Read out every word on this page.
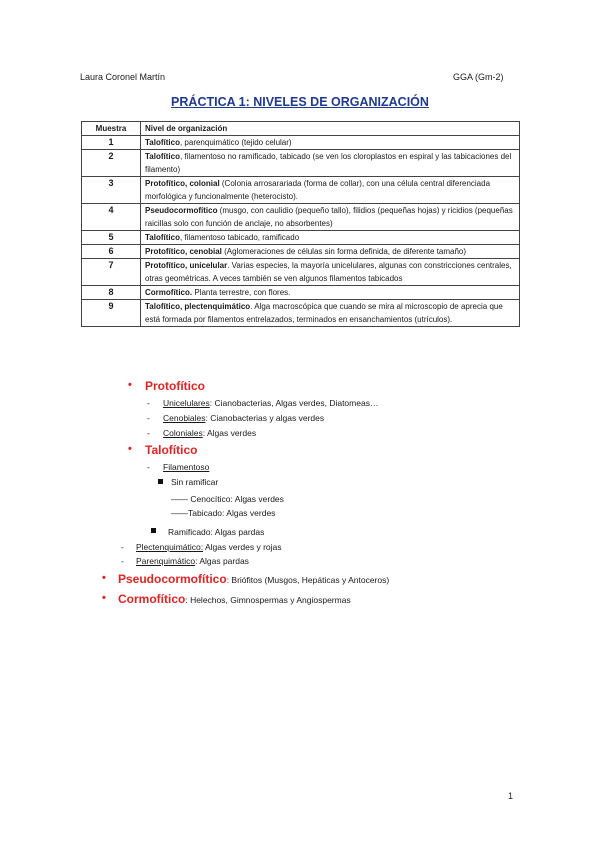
Laura Coronel Martín	GGA (Gm-2)
PRÁCTICA 1: NIVELES DE ORGANIZACIÓN
Muestra	Nivel de organización
1	Talofítico, parenquimático (tejido celular)
2	Talofítico, filamentoso no ramificado, tabicado (se ven los cloroplastos en espiral y las tabicaciones del filamento)
3	Protofítico, colonial (Colonia arrosarariada (forma de collar), con una célula central diferenciada morfológica y funcionalmente (heterocisto).
4	Pseudocormofítico (musgo, con caulidio (pequeño tallo), filidios (pequeñas hojas) y ricidios (pequeñas raicillas solo con función de anclaje, no absorbentes)
5	Talofítico, filamentoso tabicado, ramificado
6	Protofítico, cenobial (Aglomeraciones de células sin forma definida, de diferente tamaño)
7	Protofítico, unicelular. Varias especies, la mayoría unicelulares, algunas con constricciones centrales, otras geométricas. A veces también se ven algunos filamentos tabicados
8	Cormofítico. Planta terrestre, con flores.
9	Talofítico, plectenquimático. Alga macroscópica que cuando se mira al microscopio de aprecia que está formada por filamentos entrelazados, terminados en ensanchamientos (utrículos).
• Protofítico
- Unicelulares: Cianobacterias, Algas verdes, Diatomeas…
- Cenobiales: Cianobacterias y algas verdes
- Coloniales: Algas verdes
• Talofítico
- Filamentoso
Sin ramificar
—— Cenocítico: Algas verdes
——Tabicado: Algas verdes
Ramificado: Algas pardas
- Plectenquimático: Algas verdes y rojas
- Parenquimático: Algas pardas
• Pseudocormofítico: Briófitos (Musgos, Hepáticas y Antoceros)
• Cormofítico: Helechos, Gimnospermas y Angiospermas
1
